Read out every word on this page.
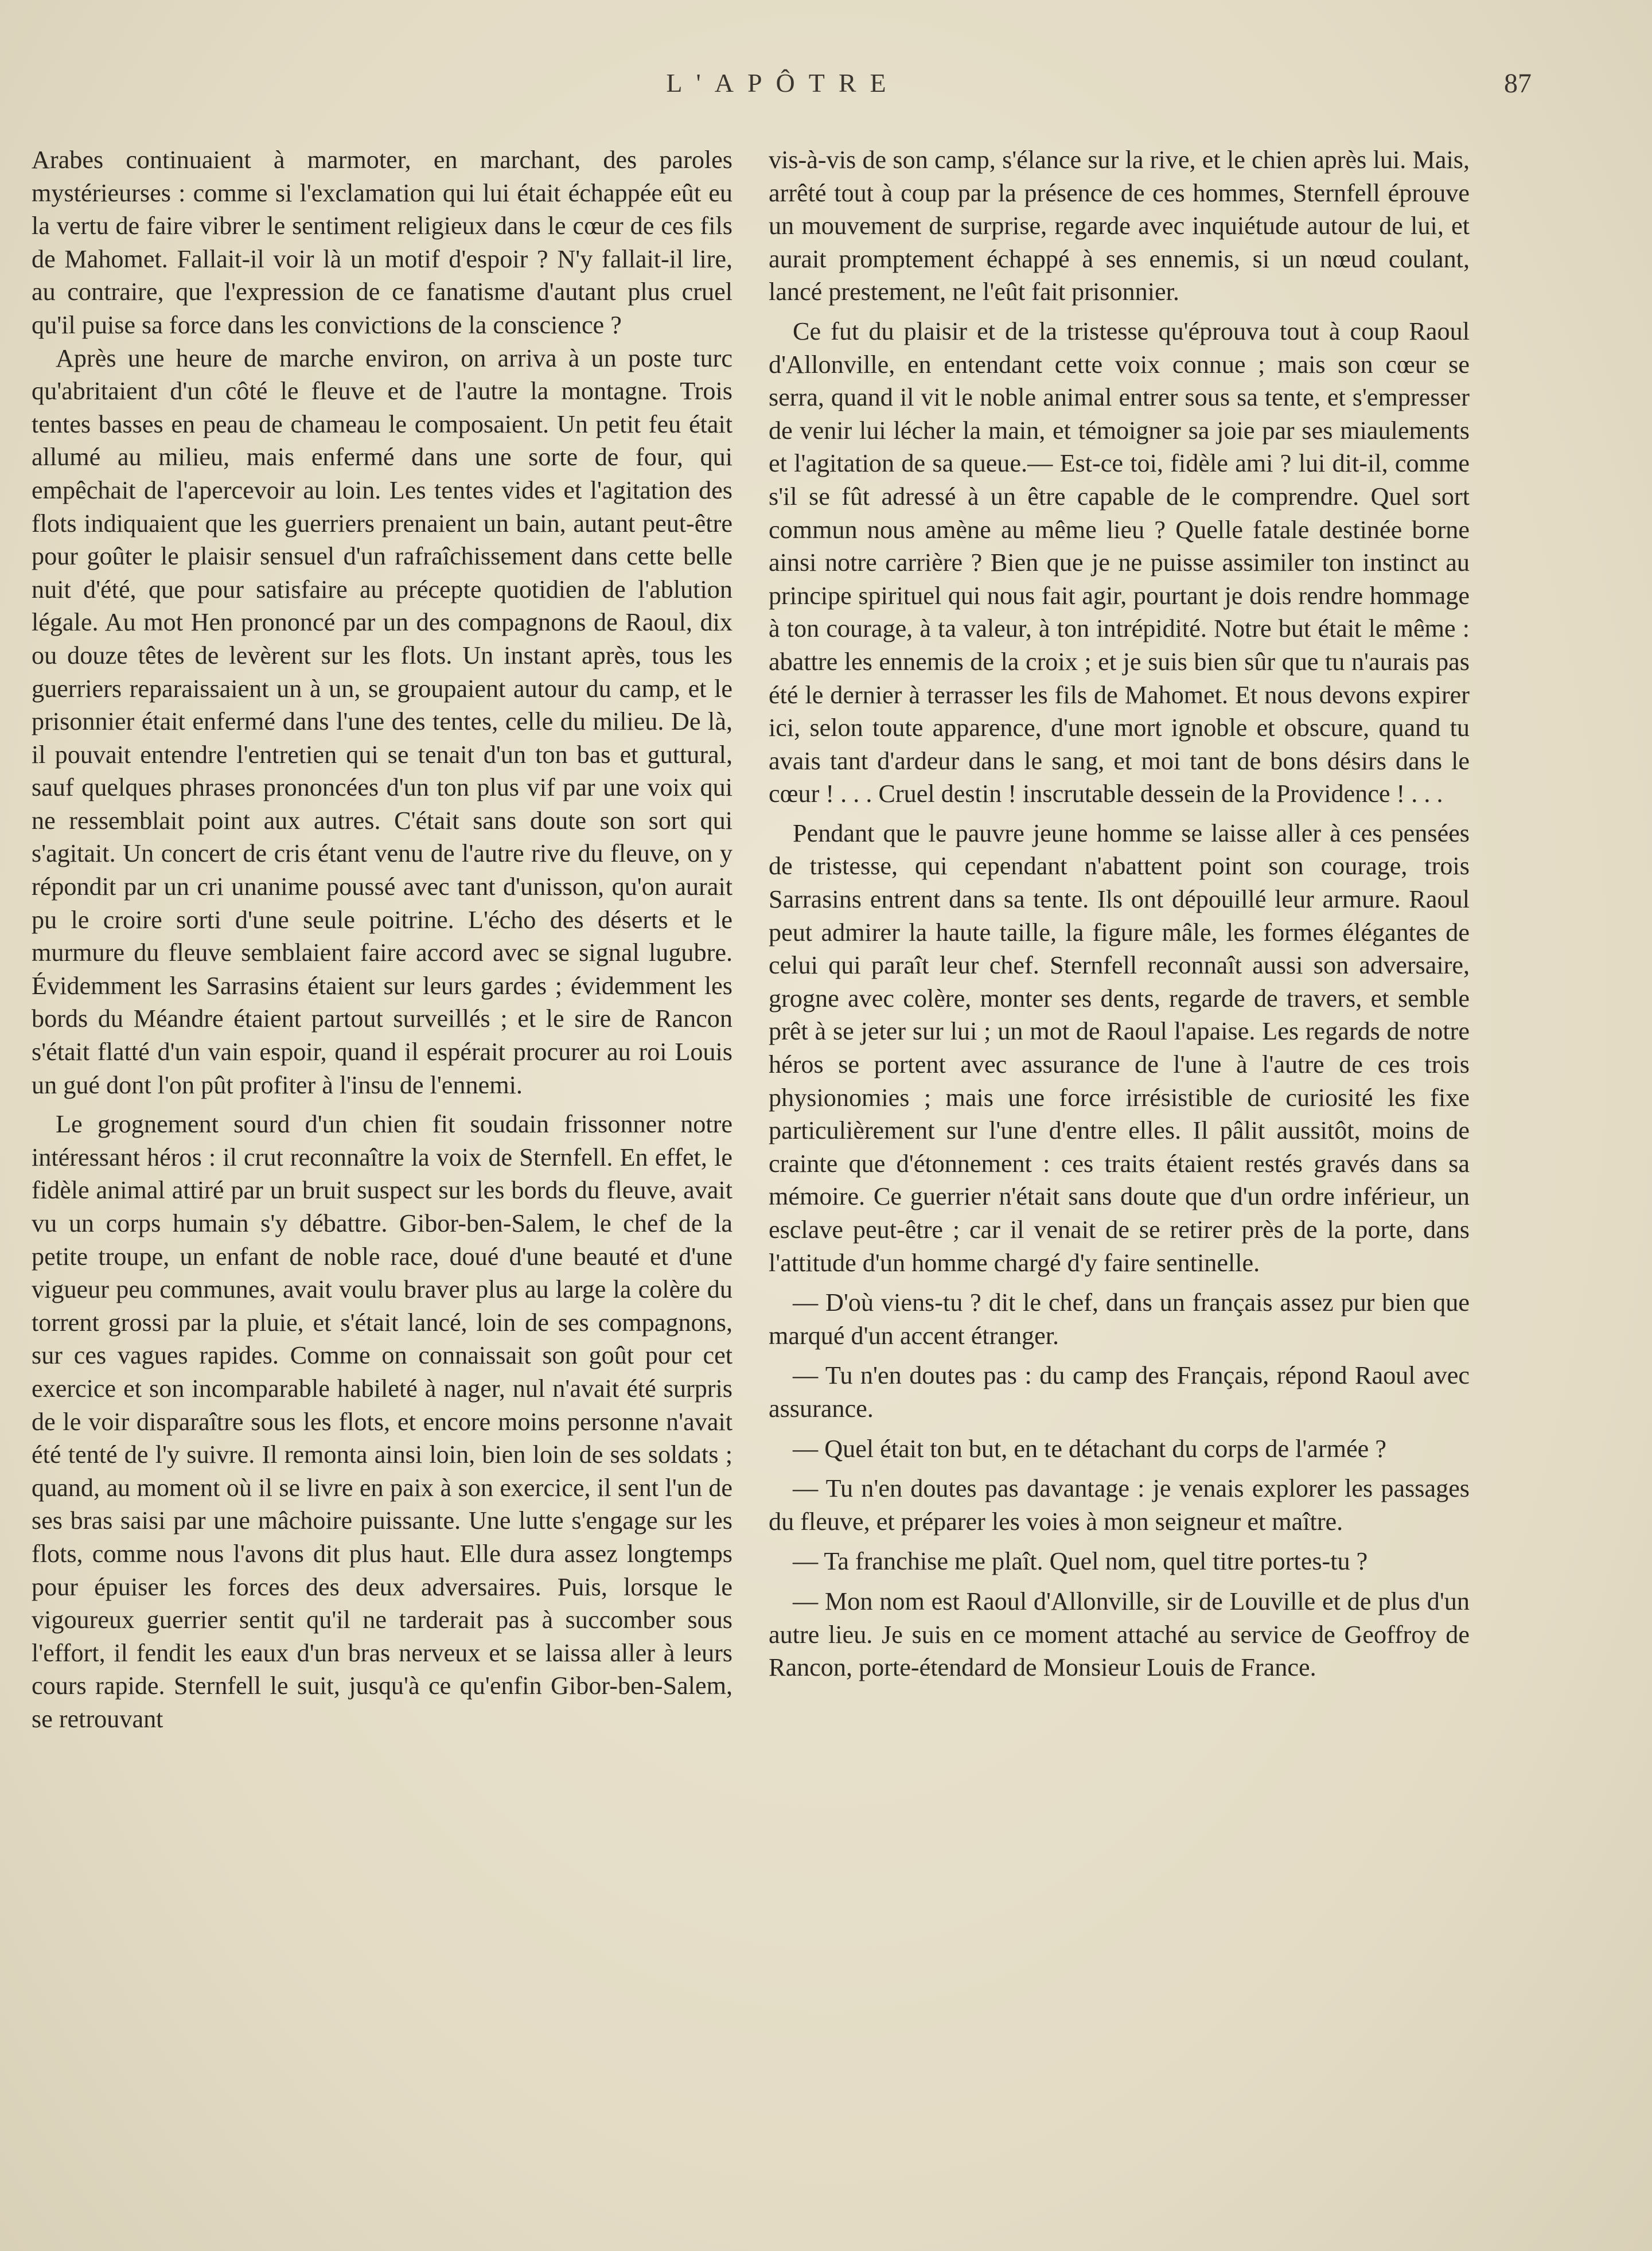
L'APÔTRE	87

Arabes continuaient à marmoter, en marchant, des paroles mystérieurses : comme si l'exclamation qui lui était échappée eût eu la vertu de faire vibrer le sentiment religieux dans le cœur de ces fils de Mahomet. Fallait-il voir là un motif d'espoir ? N'y fallait-il lire, au contraire, que l'expression de ce fanatisme d'autant plus cruel qu'il puise sa force dans les convictions de la conscience ?

Après une heure de marche environ, on arriva à un poste turc qu'abritaient d'un côté le fleuve et de l'autre la montagne. Trois tentes basses en peau de chameau le composaient. Un petit feu était allumé au milieu, mais enfermé dans une sorte de four, qui empêchait de l'apercevoir au loin. Les tentes vides et l'agitation des flots indiquaient que les guerriers prenaient un bain, autant peut-être pour goûter le plaisir sensuel d'un rafraîchissement dans cette belle nuit d'été, que pour satisfaire au précepte quotidien de l'ablution légale. Au mot Hen prononcé par un des compagnons de Raoul, dix ou douze têtes de levèrent sur les flots. Un instant après, tous les guerriers reparaissaient un à un, se groupaient autour du camp, et le prisonnier était enfermé dans l'une des tentes, celle du milieu. De là, il pouvait entendre l'entretien qui se tenait d'un ton bas et guttural, sauf quelques phrases prononcées d'un ton plus vif par une voix qui ne ressemblait point aux autres. C'était sans doute son sort qui s'agitait. Un concert de cris étant venu de l'autre rive du fleuve, on y répondit par un cri unanime poussé avec tant d'unisson, qu'on aurait pu le croire sorti d'une seule poitrine. L'écho des déserts et le murmure du fleuve semblaient faire accord avec se signal lugubre. Évidemment les Sarrasins étaient sur leurs gardes ; évidemment les bords du Méandre étaient partout surveillés ; et le sire de Rancon s'était flatté d'un vain espoir, quand il espérait procurer au roi Louis un gué dont l'on pût profiter à l'insu de l'ennemi.

Le grognement sourd d'un chien fit soudain frissonner notre intéressant héros : il crut reconnaître la voix de Sternfell. En effet, le fidèle animal attiré par un bruit suspect sur les bords du fleuve, avait vu un corps humain s'y débattre. Gibor-ben-Salem, le chef de la petite troupe, un enfant de noble race, doué d'une beauté et d'une vigueur peu communes, avait voulu braver plus au large la colère du torrent grossi par la pluie, et s'était lancé, loin de ses compagnons, sur ces vagues rapides. Comme on connaissait son goût pour cet exercice et son incomparable habileté à nager, nul n'avait été surpris de le voir disparaître sous les flots, et encore moins personne n'avait été tenté de l'y suivre. Il remonta ainsi loin, bien loin de ses soldats ; quand, au moment où il se livre en paix à son exercice, il sent l'un de ses bras saisi par une mâchoire puissante. Une lutte s'engage sur les flots, comme nous l'avons dit plus haut. Elle dura assez longtemps pour épuiser les forces des deux adversaires. Puis, lorsque le vigoureux guerrier sentit qu'il ne tarderait pas à succomber sous l'effort, il fendit les eaux d'un bras nerveux et se laissa aller à leurs cours rapide. Sternfell le suit, jusqu'à ce qu'enfin Gibor-ben-Salem, se retrouvant

vis-à-vis de son camp, s'élance sur la rive, et le chien après lui. Mais, arrêté tout à coup par la présence de ces hommes, Sternfell éprouve un mouvement de surprise, regarde avec inquiétude autour de lui, et aurait promptement échappé à ses ennemis, si un nœud coulant, lancé prestement, ne l'eût fait prisonnier.

Ce fut du plaisir et de la tristesse qu'éprouva tout à coup Raoul d'Allonville, en entendant cette voix connue ; mais son cœur se serra, quand il vit le noble animal entrer sous sa tente, et s'empresser de venir lui lécher la main, et témoigner sa joie par ses miaulements et l'agitation de sa queue.— Est-ce toi, fidèle ami ? lui dit-il, comme s'il se fût adressé à un être capable de le comprendre. Quel sort commun nous amène au même lieu ? Quelle fatale destinée borne ainsi notre carrière ? Bien que je ne puisse assimiler ton instinct au principe spirituel qui nous fait agir, pourtant je dois rendre hommage à ton courage, à ta valeur, à ton intrépidité. Notre but était le même : abattre les ennemis de la croix ; et je suis bien sûr que tu n'aurais pas été le dernier à terrasser les fils de Mahomet. Et nous devons expirer ici, selon toute apparence, d'une mort ignoble et obscure, quand tu avais tant d'ardeur dans le sang, et moi tant de bons désirs dans le cœur ! . . . Cruel destin ! inscrutable dessein de la Providence ! . . .

Pendant que le pauvre jeune homme se laisse aller à ces pensées de tristesse, qui cependant n'abattent point son courage, trois Sarrasins entrent dans sa tente. Ils ont dépouillé leur armure. Raoul peut admirer la haute taille, la figure mâle, les formes élégantes de celui qui paraît leur chef. Sternfell reconnaît aussi son adversaire, grogne avec colère, monter ses dents, regarde de travers, et semble prêt à se jeter sur lui ; un mot de Raoul l'apaise. Les regards de notre héros se portent avec assurance de l'une à l'autre de ces trois physionomies ; mais une force irrésistible de curiosité les fixe particulièrement sur l'une d'entre elles. Il pâlit aussitôt, moins de crainte que d'étonnement : ces traits étaient restés gravés dans sa mémoire. Ce guerrier n'était sans doute que d'un ordre inférieur, un esclave peut-être ; car il venait de se retirer près de la porte, dans l'attitude d'un homme chargé d'y faire sentinelle.

— D'où viens-tu ? dit le chef, dans un français assez pur bien que marqué d'un accent étranger.

— Tu n'en doutes pas : du camp des Français, répond Raoul avec assurance.

— Quel était ton but, en te détachant du corps de l'armée ?

— Tu n'en doutes pas davantage : je venais explorer les passages du fleuve, et préparer les voies à mon seigneur et maître.

— Ta franchise me plaît. Quel nom, quel titre portes-tu ?

— Mon nom est Raoul d'Allonville, sir de Louville et de plus d'un autre lieu. Je suis en ce moment attaché au service de Geoffroy de Rancon, porte-étendard de Monsieur Louis de France.
